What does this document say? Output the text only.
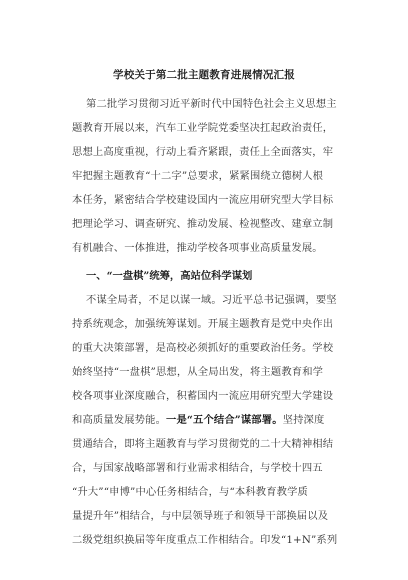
学校关于第二批主题教育进展情况汇报
第二批学习贯彻习近平新时代中国特色社会主义思想主
题教育开展以来，汽车工业学院党委坚决扛起政治责任，
思想上高度重视，行动上看齐紧跟，责任上全面落实，牢
牢把握主题教育“十二字”总要求，紧紧围绕立德树人根
本任务，紧密结合学校建设国内一流应用研究型大学目标
把理论学习、调查研究、推动发展、检视整改、建章立制
有机融合、一体推进，推动学校各项事业高质量发展。
一、“一盘棋”统筹，高站位科学谋划
不谋全局者，不足以谋一域。习近平总书记强调，要坚
持系统观念，加强统筹谋划。开展主题教育是党中央作出
的重大决策部署，是高校必须抓好的重要政治任务。学校
始终坚持“一盘棋”思想，从全局出发，将主题教育和学
校各项事业深度融合，积蓄国内一流应用研究型大学建设
和高质量发展势能。一是“五个结合”谋部署。坚持深度
贯通结合，即将主题教育与学习贯彻党的二十大精神相结
合，与国家战略部署和行业需求相结合，与学校十四五
“升大”“申博”中心任务相结合，与“本科教育教学质
量提升年”相结合，与中层领导班子和领导干部换届以及
二级党组织换届等年度重点工作相结合。印发“1+N”系列
